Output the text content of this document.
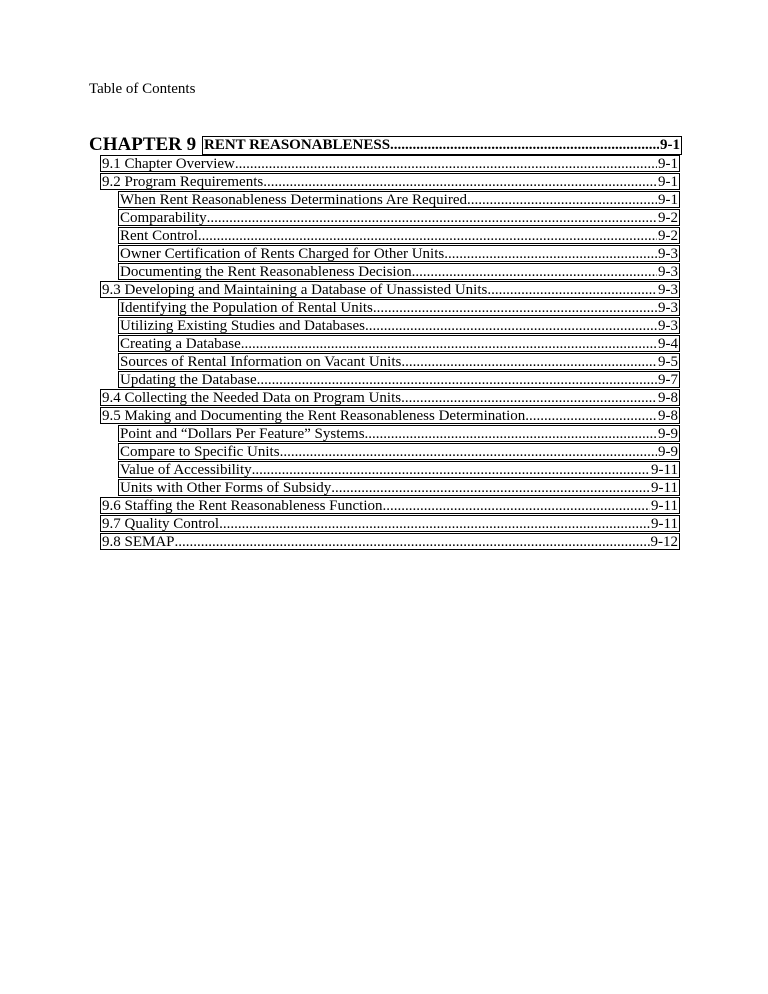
Table of Contents
CHAPTER 9 RENT REASONABLENESS .....	9-1
9.1 Chapter Overview .....	9-1
9.2 Program Requirements .....	9-1
When Rent Reasonableness Determinations Are Required .....	9-1
Comparability .....	9-2
Rent Control .....	9-2
Owner Certification of Rents Charged for Other Units .....	9-3
Documenting the Rent Reasonableness Decision .....	9-3
9.3 Developing and Maintaining a Database of Unassisted Units .....	9-3
Identifying the Population of Rental Units .....	9-3
Utilizing Existing Studies and Databases .....	9-3
Creating a Database .....	9-4
Sources of Rental Information on Vacant Units .....	9-5
Updating the Database .....	9-7
9.4 Collecting the Needed Data on Program Units .....	9-8
9.5 Making and Documenting the Rent Reasonableness Determination .....	9-8
Point and “Dollars Per Feature” Systems .....	9-9
Compare to Specific Units .....	9-9
Value of Accessibility .....	9-11
Units with Other Forms of Subsidy .....	9-11
9.6 Staffing the Rent Reasonableness Function .....	9-11
9.7 Quality Control .....	9-11
9.8 SEMAP .....	9-12
